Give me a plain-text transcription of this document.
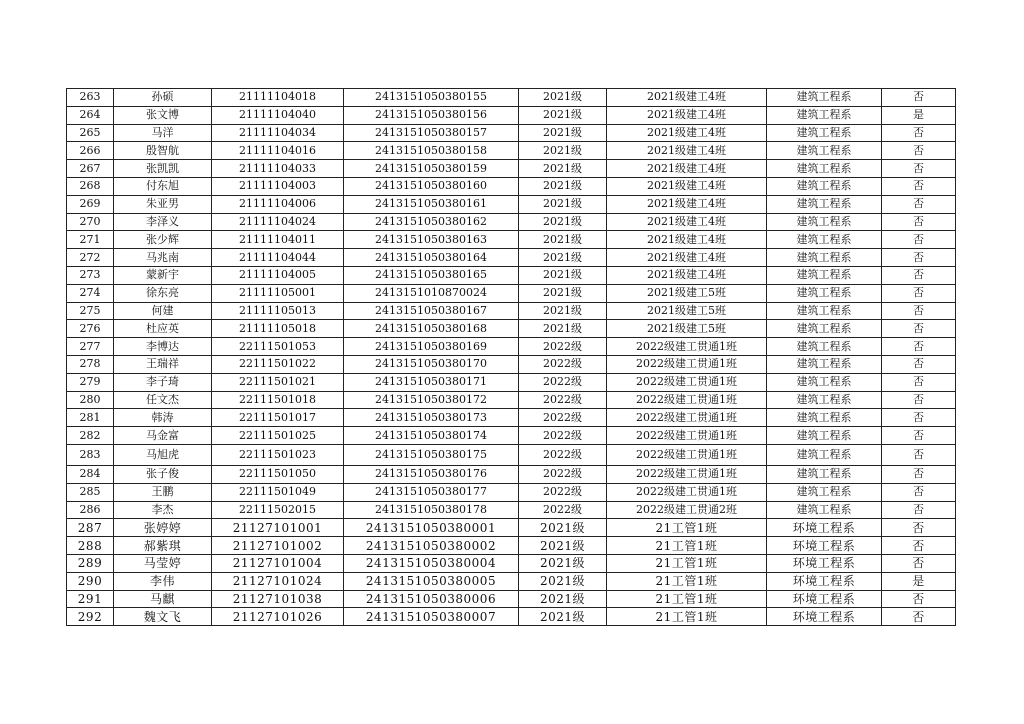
263	孙硕	21111104018	2413151050380155	2021级	2021级建工4班	建筑工程系	否
264	张文博	21111104040	2413151050380156	2021级	2021级建工4班	建筑工程系	是
265	马洋	21111104034	2413151050380157	2021级	2021级建工4班	建筑工程系	否
266	殷智航	21111104016	2413151050380158	2021级	2021级建工4班	建筑工程系	否
267	张凯凯	21111104033	2413151050380159	2021级	2021级建工4班	建筑工程系	否
268	付东旭	21111104003	2413151050380160	2021级	2021级建工4班	建筑工程系	否
269	朱亚男	21111104006	2413151050380161	2021级	2021级建工4班	建筑工程系	否
270	李泽义	21111104024	2413151050380162	2021级	2021级建工4班	建筑工程系	否
271	张少辉	21111104011	2413151050380163	2021级	2021级建工4班	建筑工程系	否
272	马兆南	21111104044	2413151050380164	2021级	2021级建工4班	建筑工程系	否
273	蒙新宇	21111104005	2413151050380165	2021级	2021级建工4班	建筑工程系	否
274	徐东亮	21111105001	2413151010870024	2021级	2021级建工5班	建筑工程系	否
275	何建	21111105013	2413151050380167	2021级	2021级建工5班	建筑工程系	否
276	杜应英	21111105018	2413151050380168	2021级	2021级建工5班	建筑工程系	否
277	李博达	22111501053	2413151050380169	2022级	2022级建工贯通1班	建筑工程系	否
278	王瑞祥	22111501022	2413151050380170	2022级	2022级建工贯通1班	建筑工程系	否
279	李子琦	22111501021	2413151050380171	2022级	2022级建工贯通1班	建筑工程系	否
280	任文杰	22111501018	2413151050380172	2022级	2022级建工贯通1班	建筑工程系	否
281	韩涛	22111501017	2413151050380173	2022级	2022级建工贯通1班	建筑工程系	否
282	马金富	22111501025	2413151050380174	2022级	2022级建工贯通1班	建筑工程系	否
283	马旭虎	22111501023	2413151050380175	2022级	2022级建工贯通1班	建筑工程系	否
284	张子俊	22111501050	2413151050380176	2022级	2022级建工贯通1班	建筑工程系	否
285	王鹏	22111501049	2413151050380177	2022级	2022级建工贯通1班	建筑工程系	否
286	李杰	22111502015	2413151050380178	2022级	2022级建工贯通2班	建筑工程系	否
287	张婷婷	21127101001	2413151050380001	2021级	21工管1班	环境工程系	否
288	郝紫琪	21127101002	2413151050380002	2021级	21工管1班	环境工程系	否
289	马莹婷	21127101004	2413151050380004	2021级	21工管1班	环境工程系	否
290	李伟	21127101024	2413151050380005	2021级	21工管1班	环境工程系	是
291	马麒	21127101038	2413151050380006	2021级	21工管1班	环境工程系	否
292	魏文飞	21127101026	2413151050380007	2021级	21工管1班	环境工程系	否
